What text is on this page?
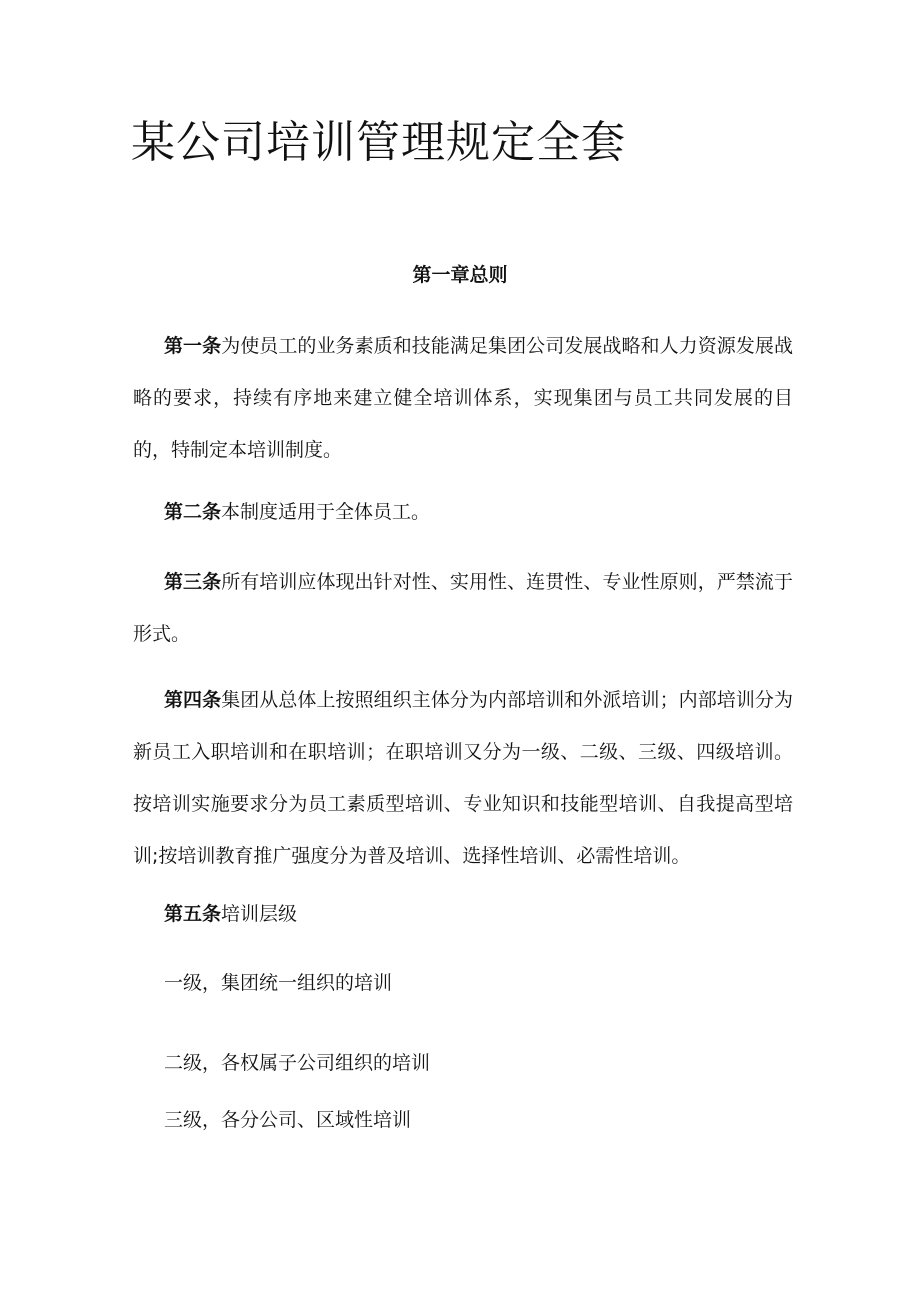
某公司培训管理规定全套
第一章总则

第一条为使员工的业务素质和技能满足集团公司发展战略和人力资源发展战略的要求，持续有序地来建立健全培训体系，实现集团与员工共同发展的目的，特制定本培训制度。

第二条本制度适用于全体员工。

第三条所有培训应体现出针对性、实用性、连贯性、专业性原则，严禁流于形式。

第四条集团从总体上按照组织主体分为内部培训和外派培训；内部培训分为新员工入职培训和在职培训；在职培训又分为一级、二级、三级、四级培训。按培训实施要求分为员工素质型培训、专业知识和技能型培训、自我提高型培训;按培训教育推广强度分为普及培训、选择性培训、必需性培训。

第五条培训层级

一级，集团统一组织的培训

二级，各权属子公司组织的培训

三级，各分公司、区域性培训
